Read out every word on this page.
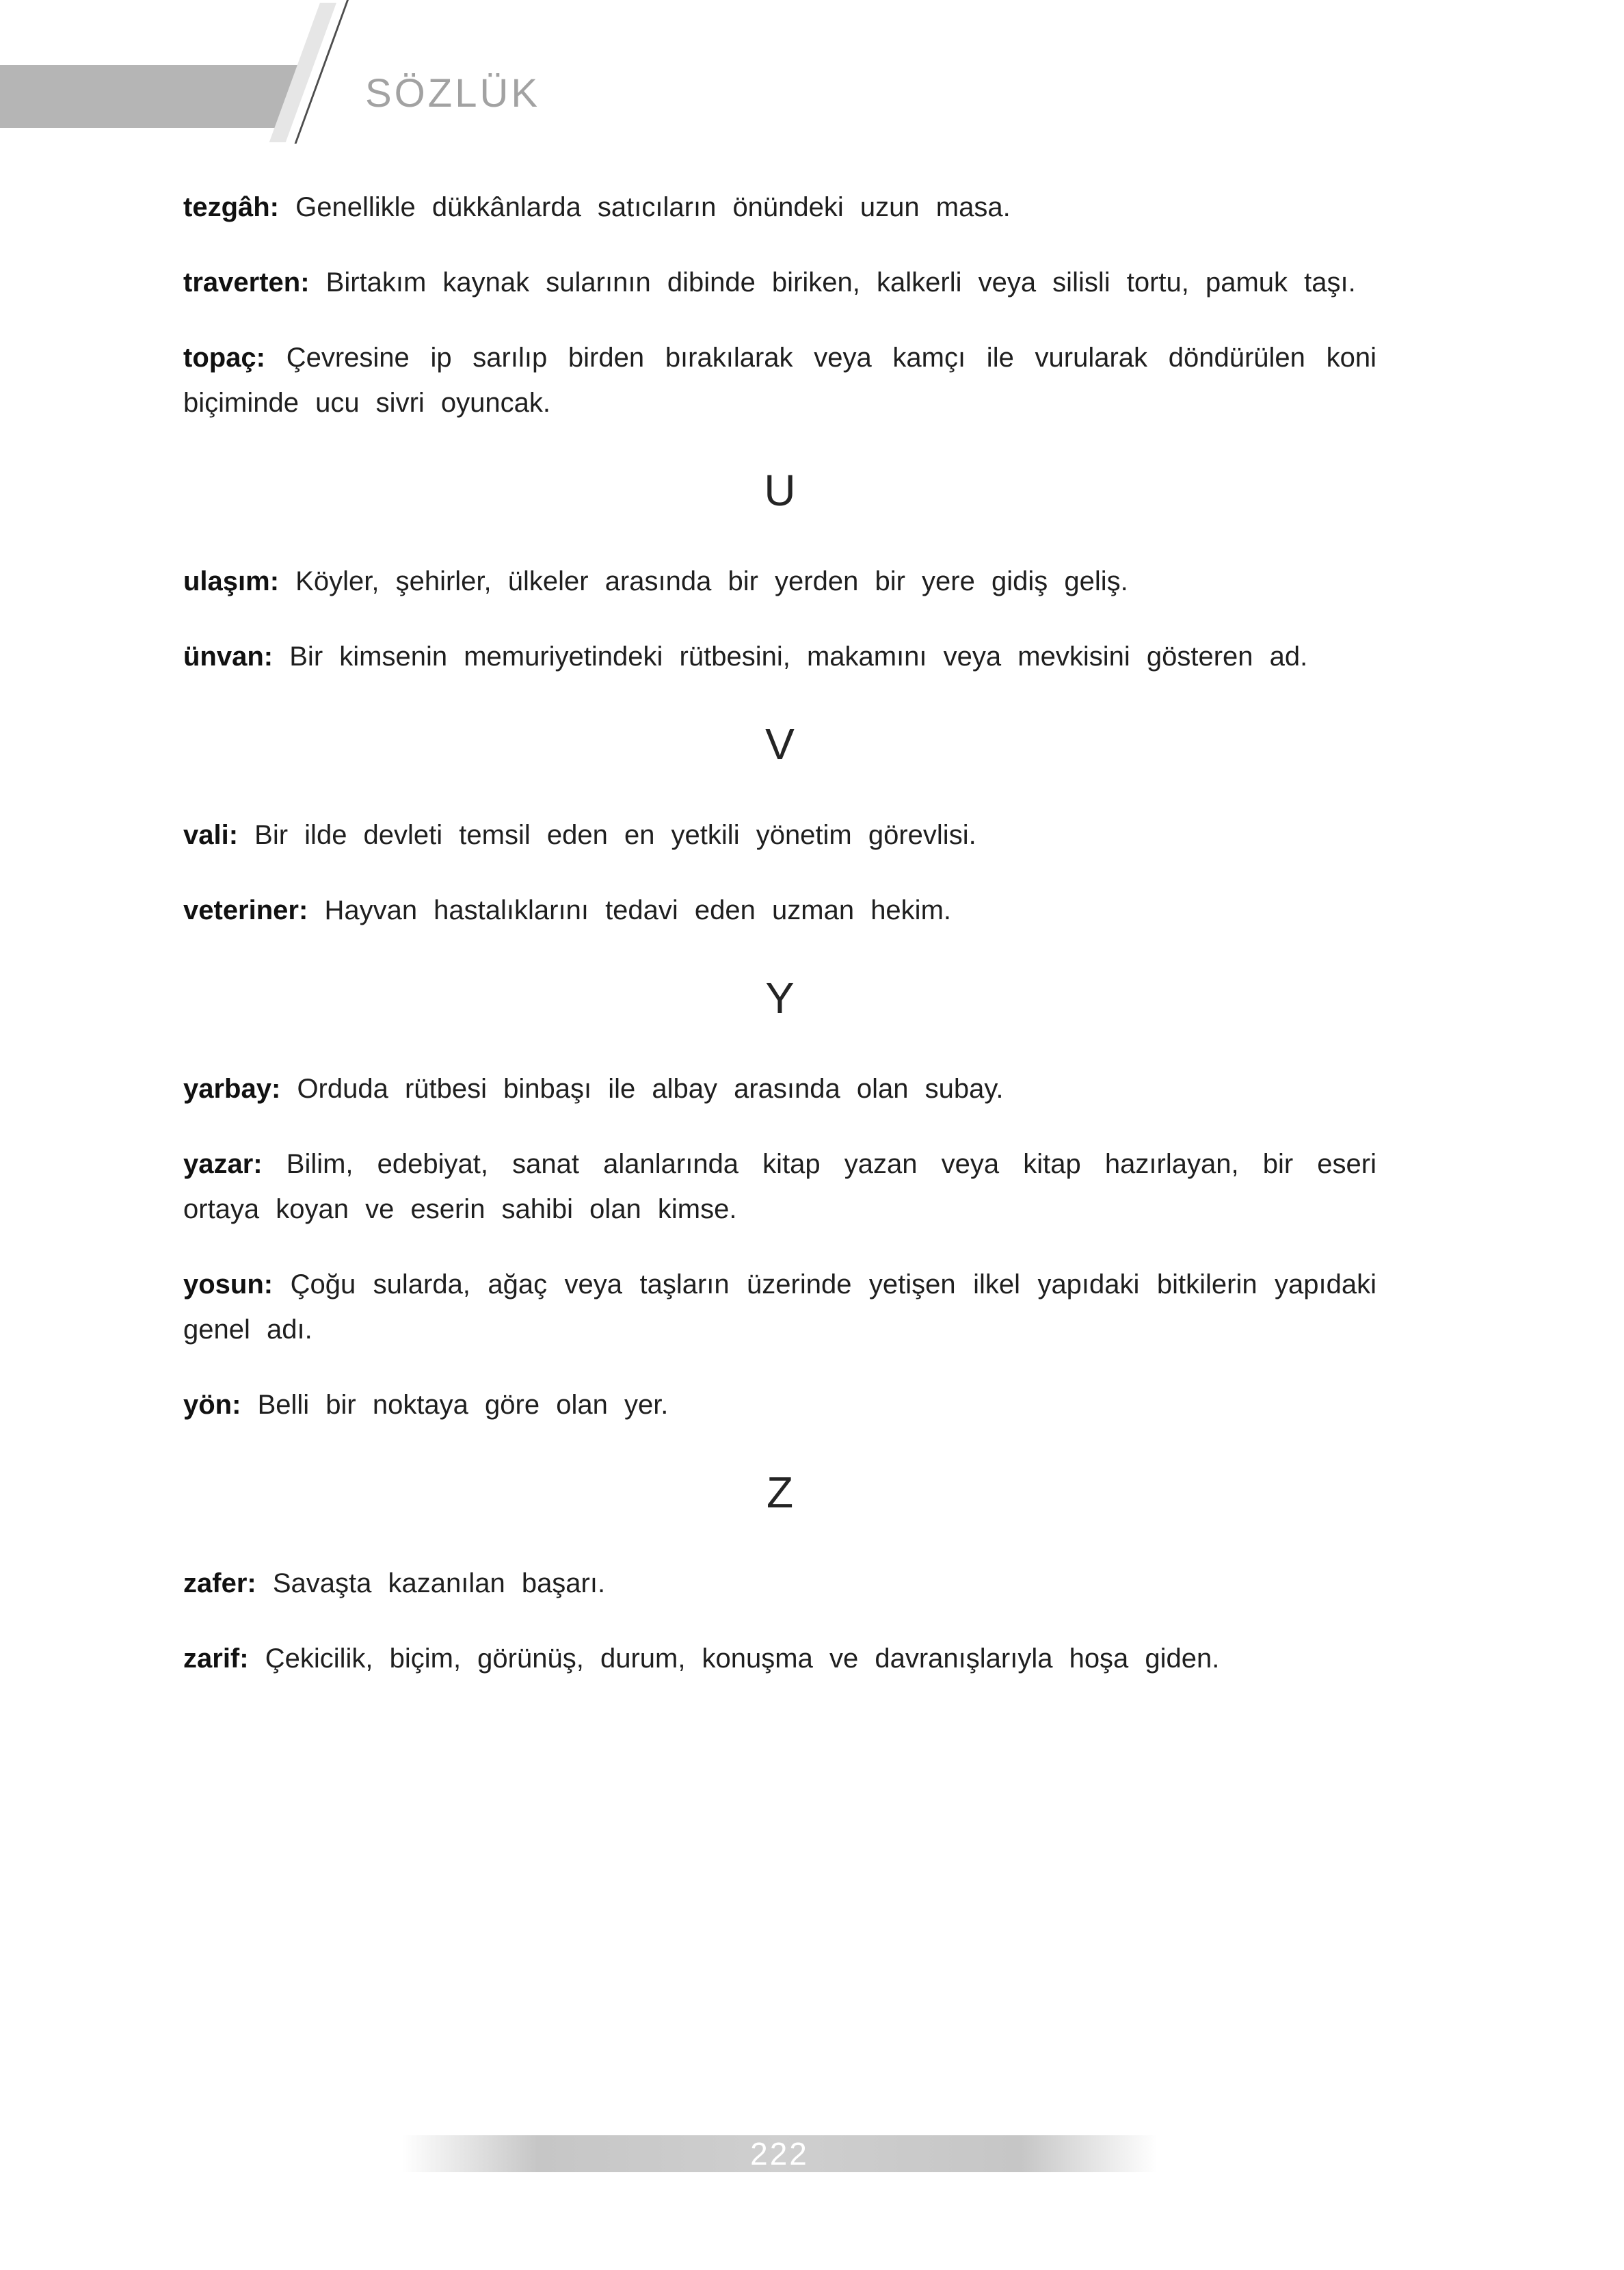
SÖZLÜK

tezgâh: Genellikle dükkânlarda satıcıların önündeki uzun masa.

traverten: Birtakım kaynak sularının dibinde biriken, kalkerli veya silisli tortu, pamuk taşı.

topaç: Çevresine ip sarılıp birden bırakılarak veya kamçı ile vurularak döndürülen koni biçiminde ucu sivri oyuncak.

U

ulaşım: Köyler, şehirler, ülkeler arasında bir yerden bir yere gidiş geliş.

ünvan: Bir kimsenin memuriyetindeki rütbesini, makamını veya mevkisini gösteren ad.

V

vali: Bir ilde devleti temsil eden en yetkili yönetim görevlisi.

veteriner: Hayvan hastalıklarını tedavi eden uzman hekim.

Y

yarbay: Orduda rütbesi binbaşı ile albay arasında olan subay.

yazar: Bilim, edebiyat, sanat alanlarında kitap yazan veya kitap hazırlayan, bir eseri ortaya koyan ve eserin sahibi olan kimse.

yosun: Çoğu sularda, ağaç veya taşların üzerinde yetişen ilkel yapıdaki bitkilerin yapıdaki genel adı.

yön: Belli bir noktaya göre olan yer.

Z

zafer: Savaşta kazanılan başarı.

zarif: Çekicilik, biçim, görünüş, durum, konuşma ve davranışlarıyla hoşa giden.

222
